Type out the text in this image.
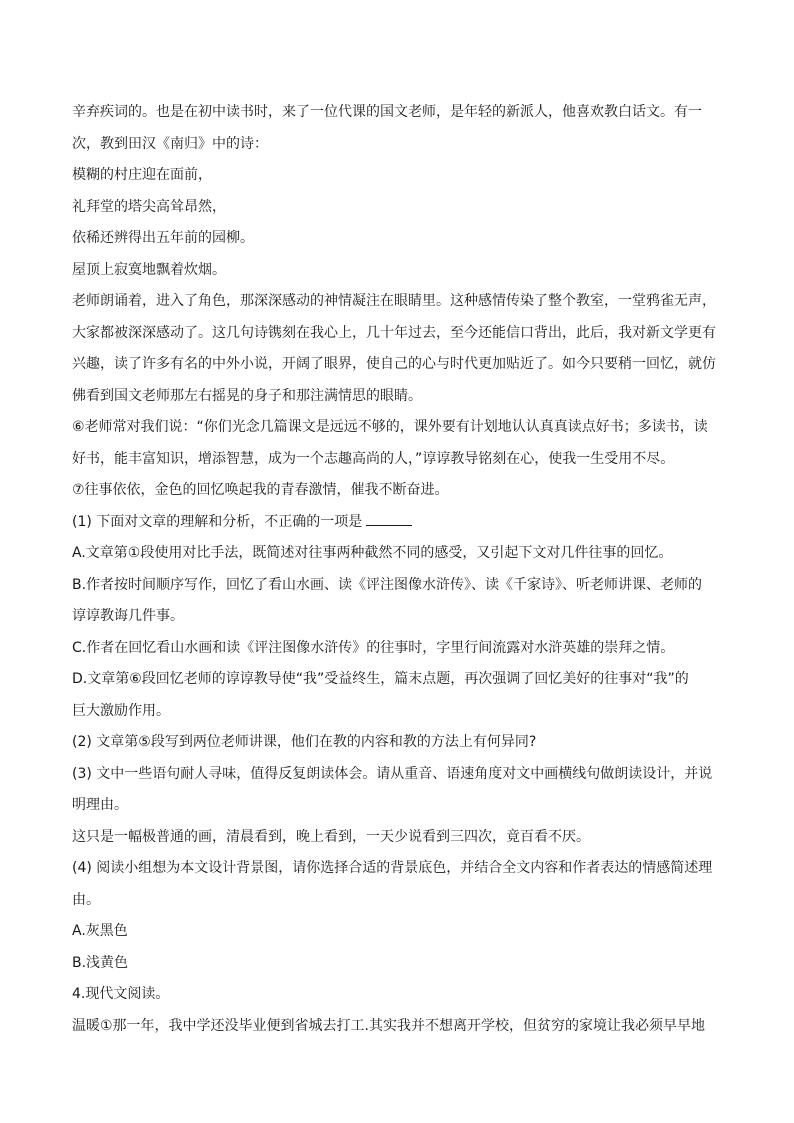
辛弃疾词的。也是在初中读书时，来了一位代课的国文老师，是年轻的新派人，他喜欢教白话文。有一
次，教到田汉《南归》中的诗：
模糊的村庄迎在面前，
礼拜堂的塔尖高耸昂然，
依稀还辨得出五年前的园柳。
屋顶上寂寞地飘着炊烟。
老师朗诵着，进入了角色，那深深感动的神情凝注在眼睛里。这种感情传染了整个教室，一堂鸦雀无声，
大家都被深深感动了。这几句诗镌刻在我心上，几十年过去，至今还能信口背出，此后，我对新文学更有
兴趣，读了许多有名的中外小说，开阔了眼界，使自己的心与时代更加贴近了。如今只要稍一回忆，就仿
佛看到国文老师那左右摇晃的身子和那注满情思的眼睛。
⑥老师常对我们说：“你们光念几篇课文是远远不够的，课外要有计划地认认真真读点好书；多读书，读
好书，能丰富知识，增添智慧，成为一个志趣高尚的人，”谆谆教导铭刻在心，使我一生受用不尽。
⑦往事依依，金色的回忆唤起我的青春激情，催我不断奋进。
(1) 下面对文章的理解和分析，不正确的一项是
A.文章第①段使用对比手法，既简述对往事两种截然不同的感受，又引起下文对几件往事的回忆。
B.作者按时间顺序写作，回忆了看山水画、读《评注图像水浒传》、读《千家诗》、听老师讲课、老师的
谆谆教诲几件事。
C.作者在回忆看山水画和读《评注图像水浒传》的往事时，字里行间流露对水浒英雄的崇拜之情。
D.文章第⑥段回忆老师的谆谆教导使“我”受益终生，篇末点题，再次强调了回忆美好的往事对“我”的
巨大激励作用。
(2) 文章第⑤段写到两位老师讲课，他们在教的内容和教的方法上有何异同?
(3) 文中一些语句耐人寻味，值得反复朗读体会。请从重音、语速角度对文中画横线句做朗读设计，并说
明理由。
这只是一幅极普通的画，清晨看到，晚上看到，一天少说看到三四次，竟百看不厌。
(4) 阅读小组想为本文设计背景图，请你选择合适的背景底色，并结合全文内容和作者表达的情感简述理
由。
A.灰黑色
B.浅黄色
4.现代文阅读。
温暖①那一年，我中学还没毕业便到省城去打工.其实我并不想离开学校，但贫穷的家境让我必须早早地
